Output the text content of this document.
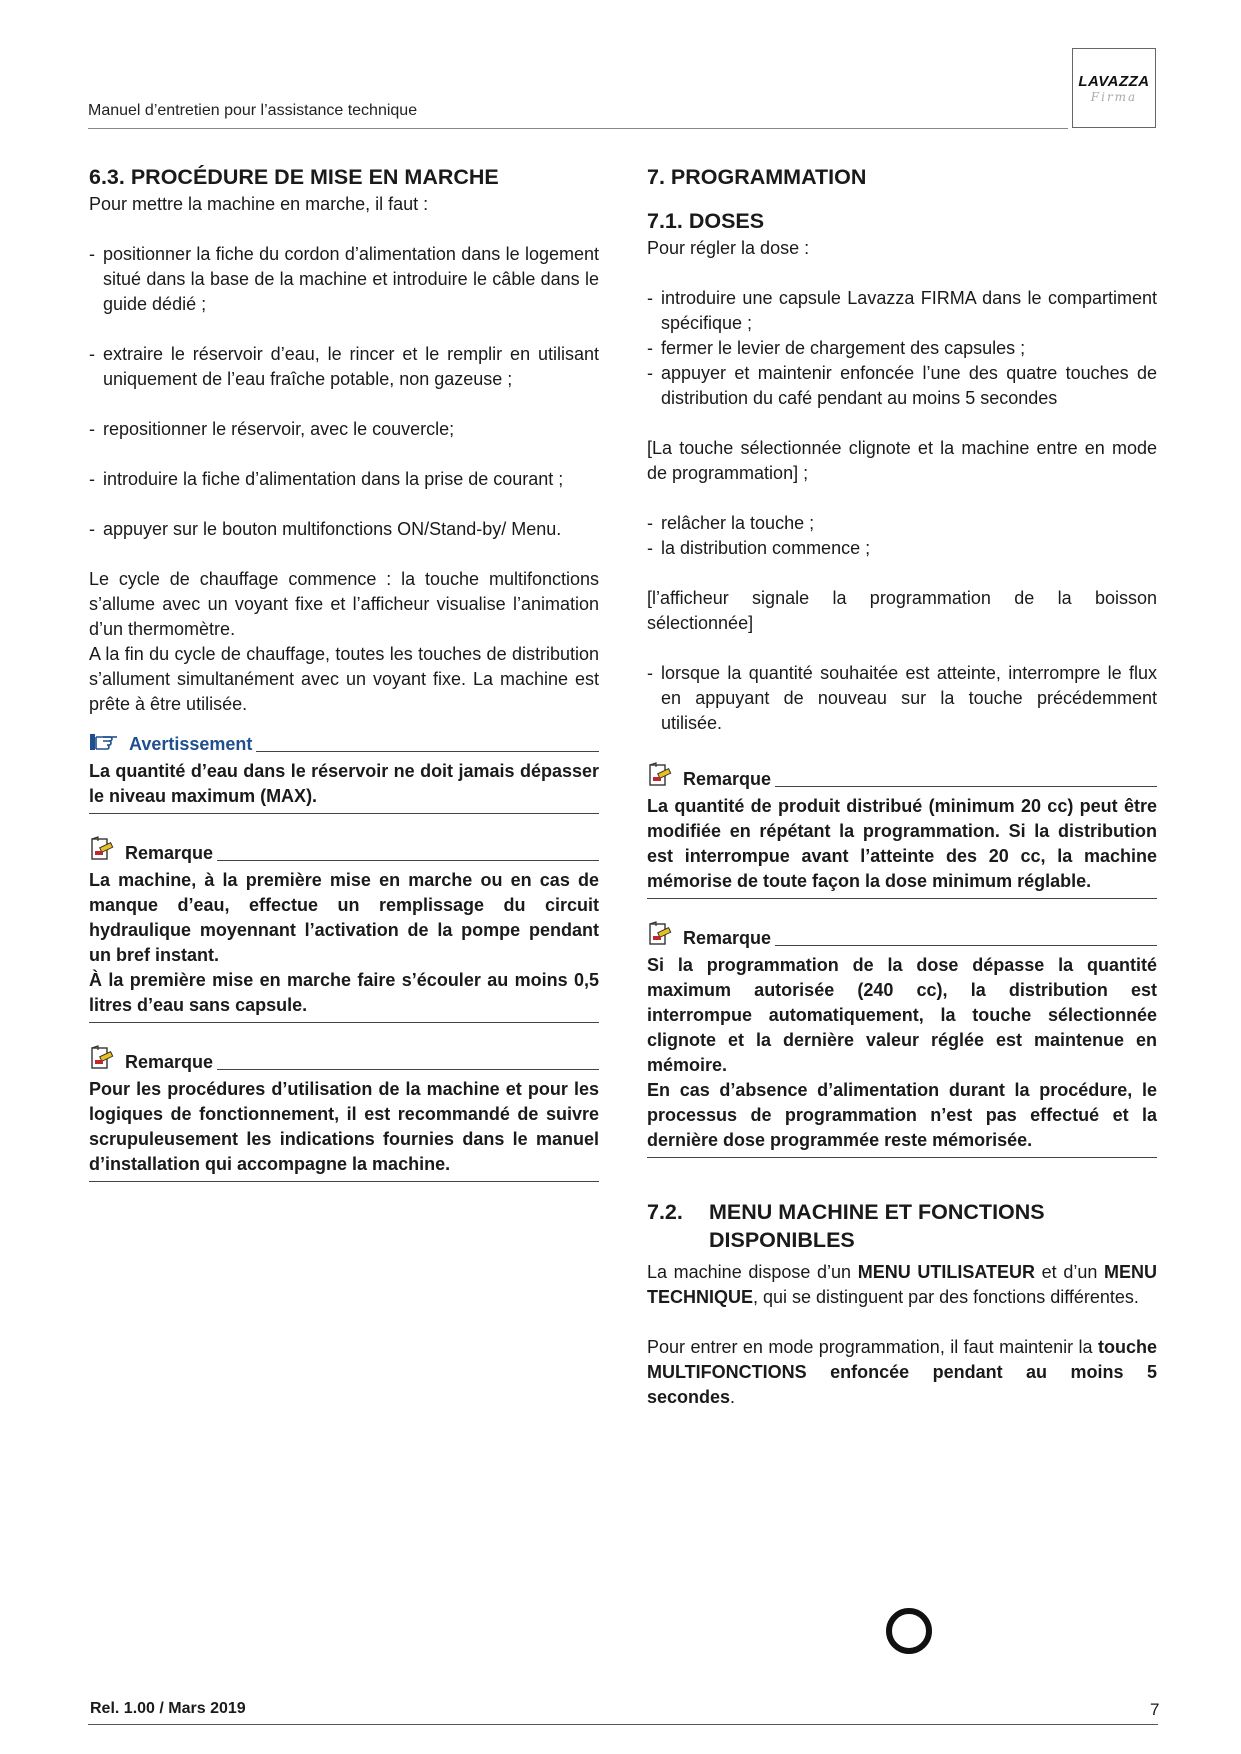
Manuel d’entretien pour l’assistance technique
LAVAZZA
Firma
6.3. PROCÉDURE DE MISE EN MARCHE

Pour mettre la machine en marche, il faut :

- positionner la fiche du cordon d’alimentation dans le logement situé dans la base de la machine et introduire le câble dans le guide dédié ;
- extraire le réservoir d’eau, le rincer et le remplir en utilisant uniquement de l’eau fraîche potable, non gazeuse ;
- repositionner le réservoir, avec le couvercle;
- introduire la fiche d’alimentation dans la prise de courant ;
- appuyer sur le bouton multifonctions ON/Stand-by/ Menu.

Le cycle de chauffage commence : la touche multifonctions s’allume avec un voyant fixe et l’afficheur visualise l’animation d’un thermomètre.

A la fin du cycle de chauffage, toutes les touches de distribution s’allument simultanément avec un voyant fixe. La machine est prête à être utilisée.

Avertissement
La quantité d’eau dans le réservoir ne doit jamais dépasser le niveau maximum (MAX).
Remarque
La machine, à la première mise en marche ou en cas de manque d’eau, effectue un remplissage du circuit hydraulique moyennant l’activation de la pompe pendant un bref instant.
À la première mise en marche faire s’écouler au moins 0,5 litres d’eau sans capsule.
Remarque
Pour les procédures d’utilisation de la machine et pour les logiques de fonctionnement, il est recommandé de suivre scrupuleusement les indications fournies dans le manuel d’installation qui accompagne la machine.
7. PROGRAMMATION
7.1. DOSES

Pour régler la dose :

- introduire une capsule Lavazza FIRMA dans le compartiment spécifique ;
- fermer le levier de chargement des capsules ;
- appuyer et maintenir enfoncée l’une des quatre touches de distribution du café pendant au moins 5 secondes

[La touche sélectionnée clignote et la machine entre en mode de programmation] ;

- relâcher la touche ;
- la distribution commence ;

[l’afficheur signale la programmation de la boisson sélectionnée]

- lorsque la quantité souhaitée est atteinte, interrompre le flux en appuyant de nouveau sur la touche précédemment utilisée.
Remarque
La quantité de produit distribué (minimum 20 cc) peut être modifiée en répétant la programmation. Si la distribution est interrompue avant l’atteinte des 20 cc, la machine mémorise de toute façon la dose minimum réglable.
Remarque
Si la programmation de la dose dépasse la quantité maximum autorisée (240 cc), la distribution est interrompue automatiquement, la touche sélectionnée clignote et la dernière valeur réglée est maintenue en mémoire.
En cas d’absence d’alimentation durant la procédure, le processus de programmation n’est pas effectué et la dernière dose programmée reste mémorisée.
7.2.	MENU MACHINE ET FONCTIONS DISPONIBLES

La machine dispose d’un MENU UTILISATEUR et d’un MENU TECHNIQUE, qui se distinguent par des fonctions différentes.

Pour entrer en mode programmation, il faut maintenir la touche MULTIFONCTIONS enfoncée pendant au moins 5 secondes.

Rel. 1.00 / Mars 2019	7
